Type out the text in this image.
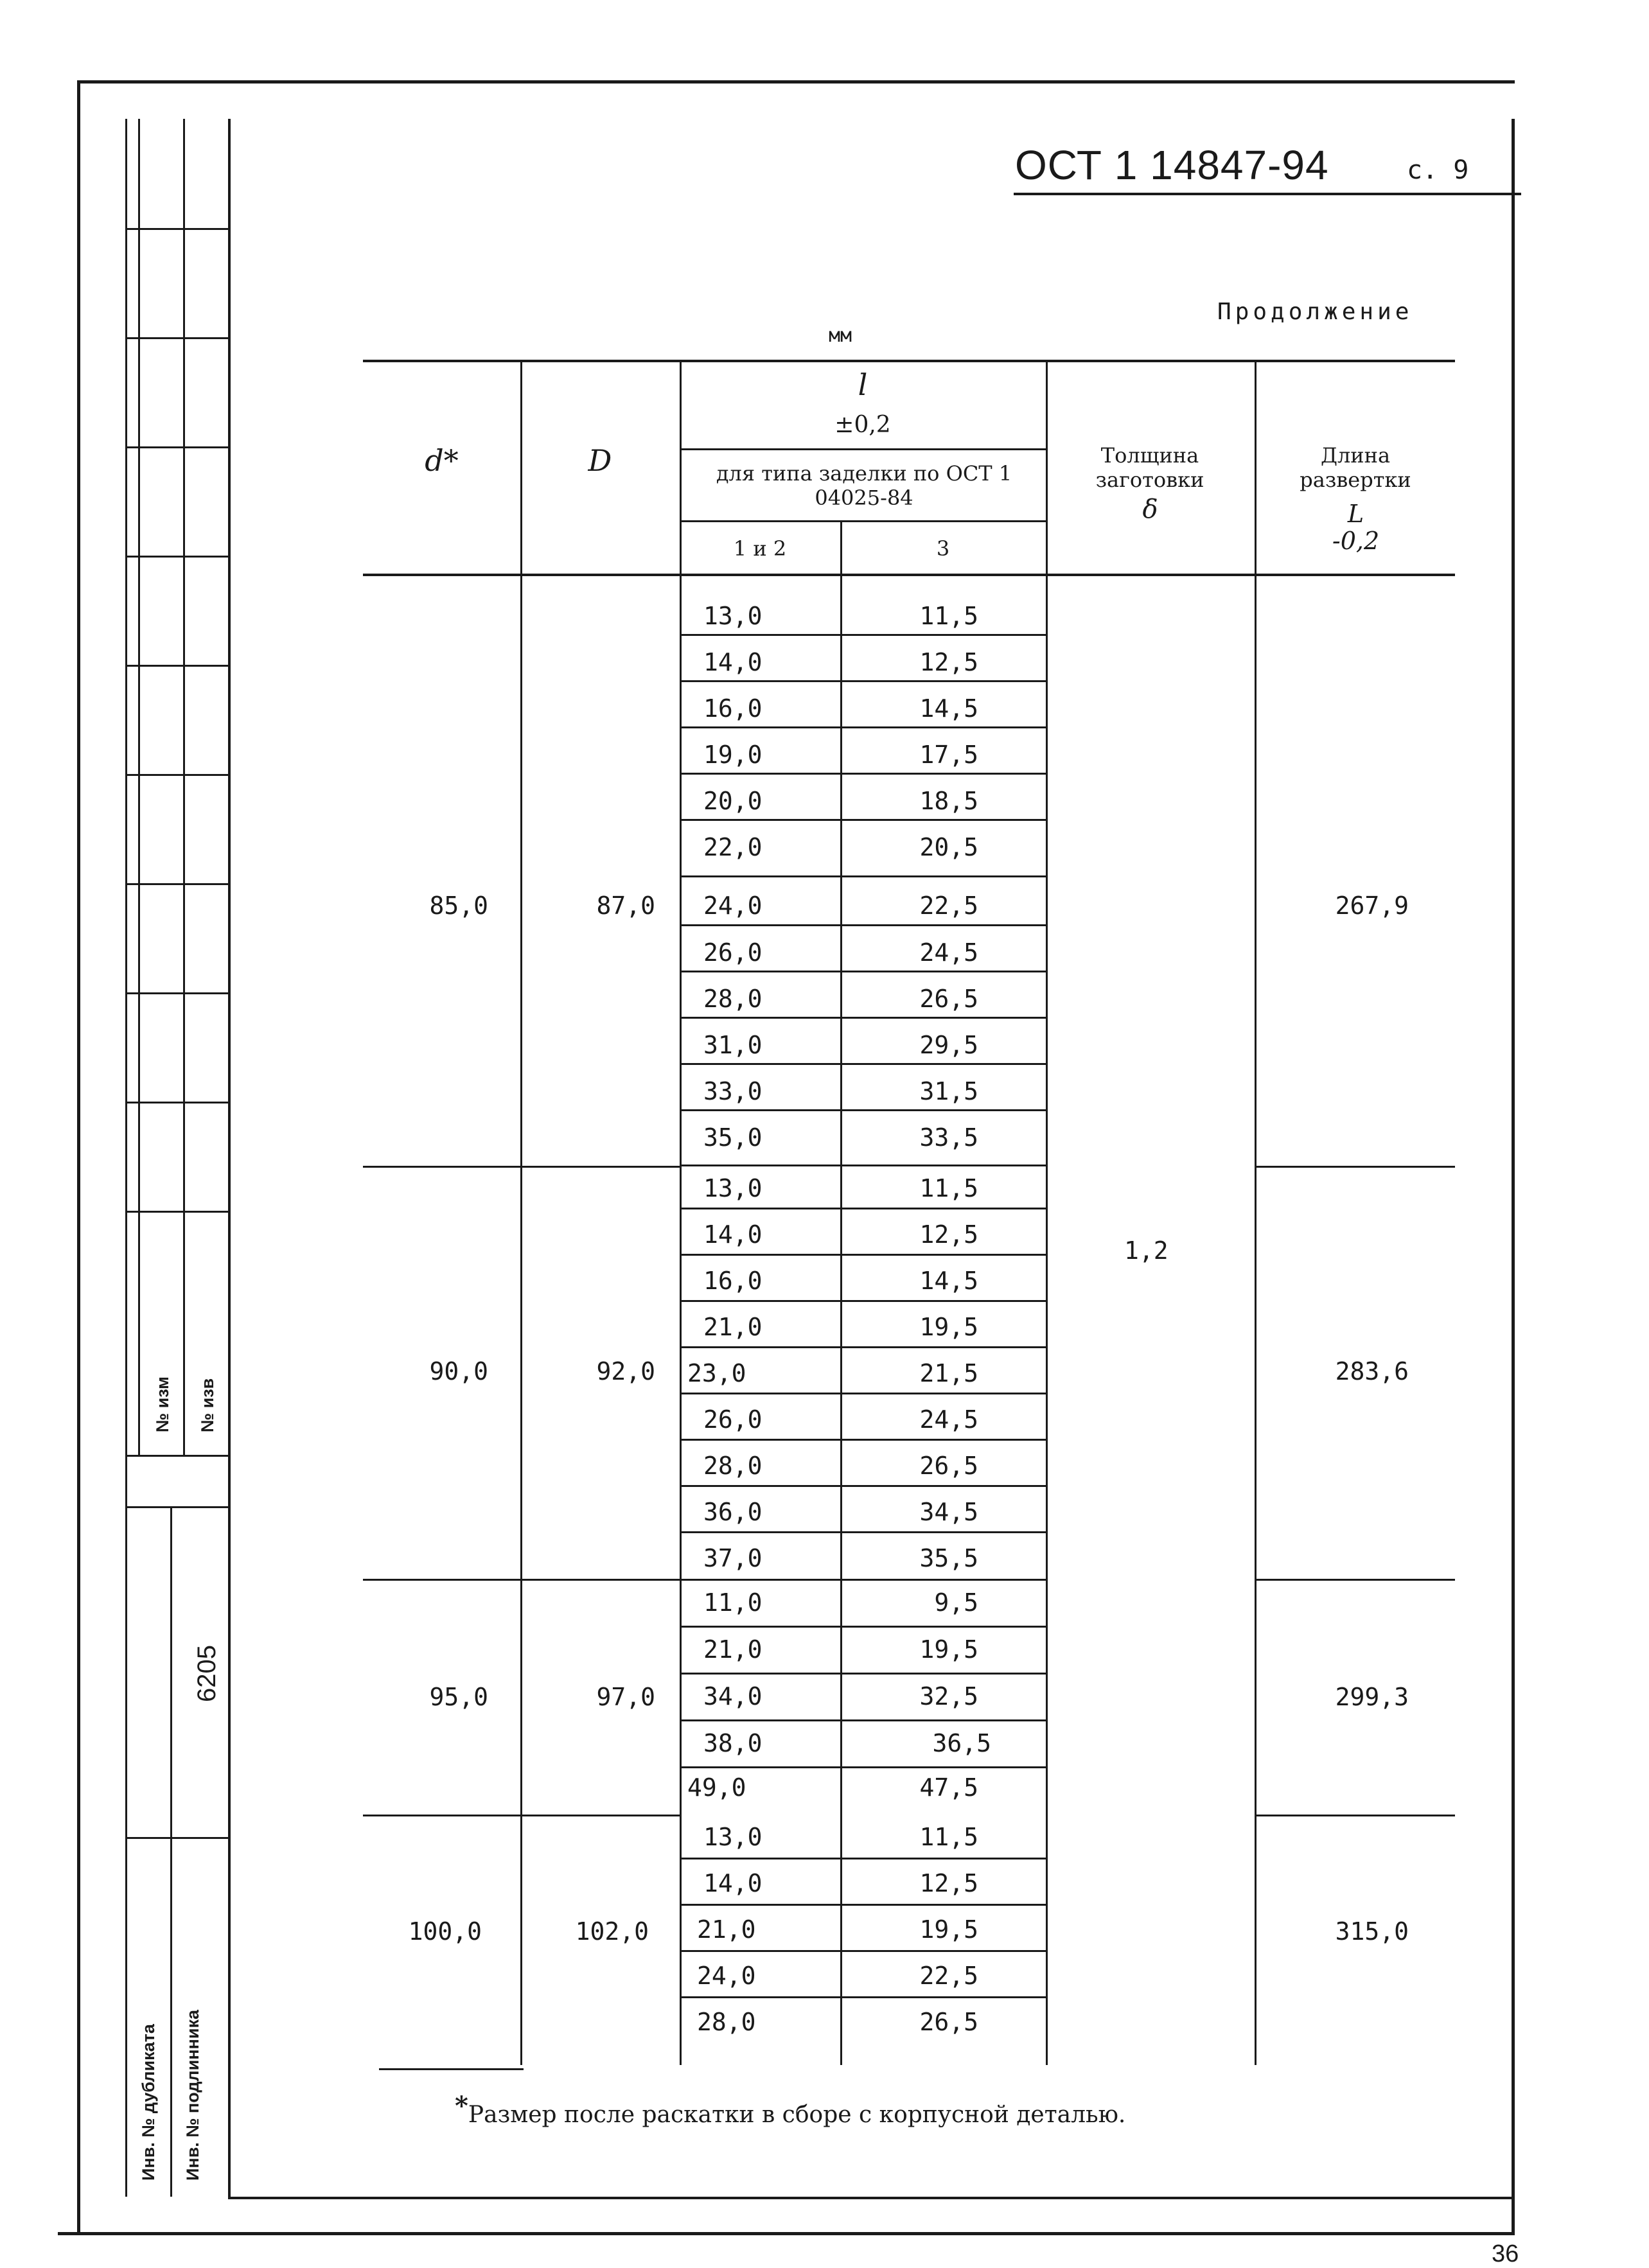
№ изм № изв
Инв. № дубликата Инв. № подлинника
6205
ОСТ 1 14847-94	с. 9
Продолжение
мм
d*	D
l
±0,2
для типа заделки по ОСТ 1 04025-84
1 и 2	3
Толщина заготовки
δ
Длина развертки
L
-0,2
85,0	87,0	267,9
13,0	11,5
14,0	12,5
16,0	14,5
19,0	17,5
20,0	18,5
22,0	20,5
24,0	22,5
26,0	24,5
28,0	26,5
31,0	29,5
33,0	31,5
35,0	33,5
1,2
90,0	92,0	283,6
13,0	11,5
14,0	12,5
16,0	14,5
21,0	19,5
23,0	21,5
26,0	24,5
28,0	26,5
36,0	34,5
37,0	35,5
95,0	97,0	299,3
11,0	9,5
21,0	19,5
34,0	32,5
38,0	36,5
49,0	47,5
100,0	102,0	315,0
13,0	11,5
14,0	12,5
21,0	19,5
24,0	22,5
28,0	26,5
*Размер после раскатки в сборе с корпусной деталью.
36
